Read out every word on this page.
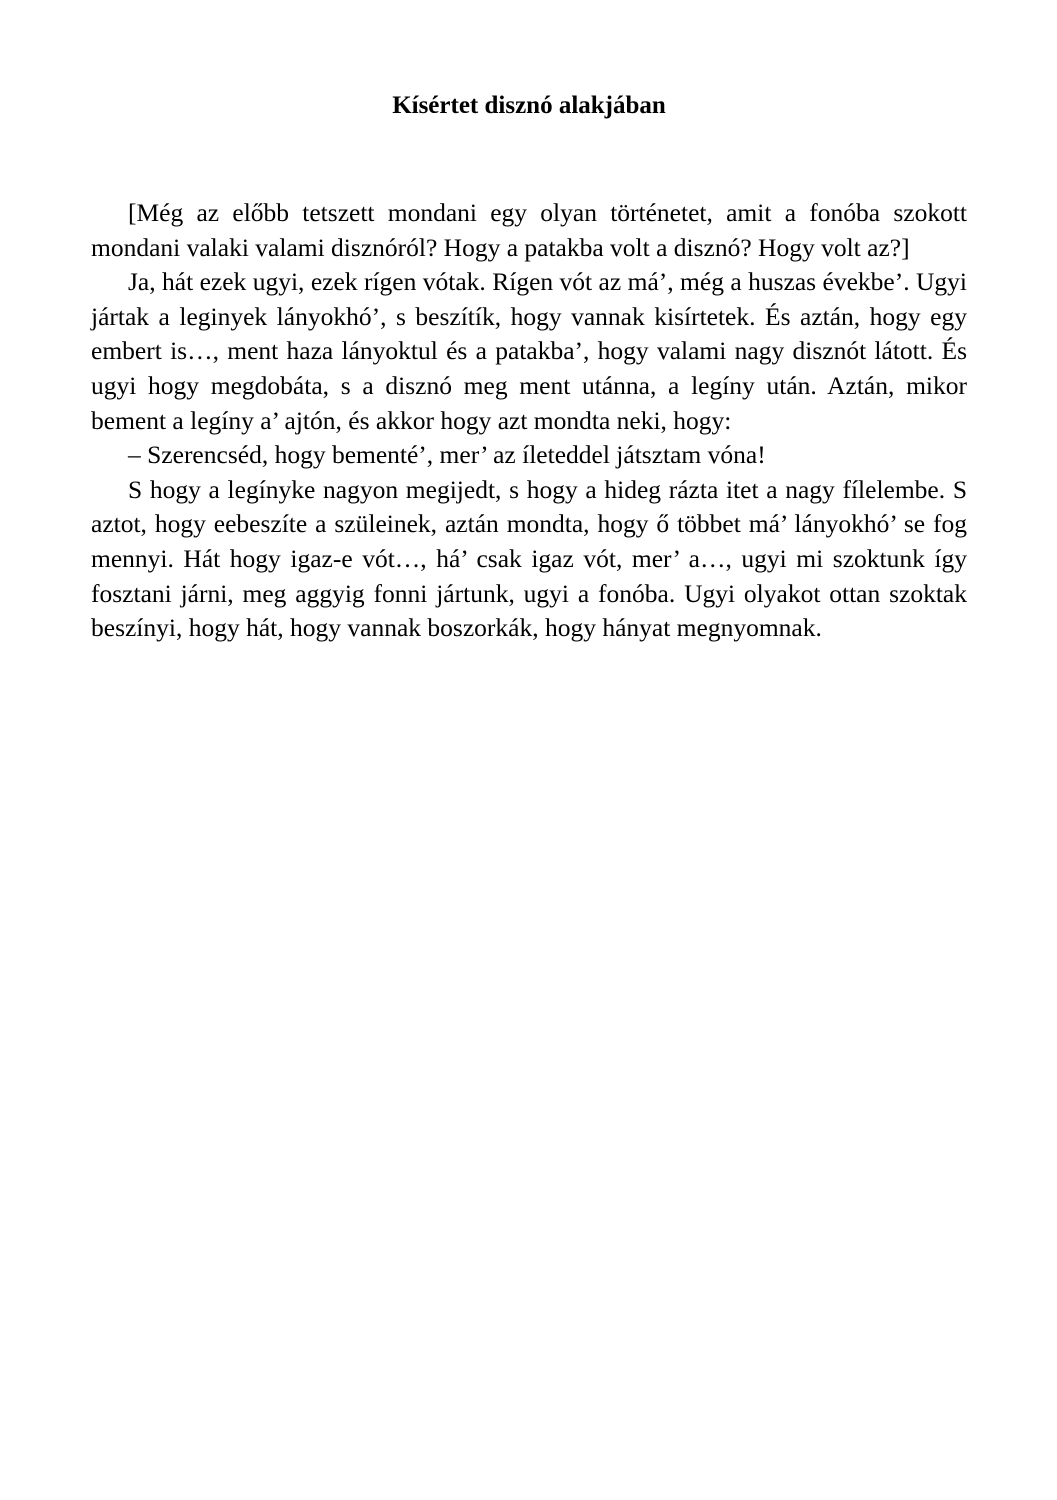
Kísértet disznó alakjában

[Még az előbb tetszett mondani egy olyan történetet, amit a fonóba szokott mondani valaki valami disznóról? Hogy a patakba volt a disznó? Hogy volt az?]

Ja, hát ezek ugyi, ezek rígen vótak. Rígen vót az má’, még a huszas évekbe’. Ugyi jártak a leginyek lányokhó’, s beszítík, hogy vannak kisírtetek. És aztán, hogy egy embert is…, ment haza lányoktul és a patakba’, hogy valami nagy disznót látott. És ugyi hogy megdobáta, s a disznó meg ment utánna, a legíny után. Aztán, mikor bement a legíny a’ ajtón, és akkor hogy azt mondta neki, hogy:

– Szerencséd, hogy bementé’, mer’ az íleteddel játsztam vóna!

S hogy a legínyke nagyon megijedt, s hogy a hideg rázta itet a nagy fílelembe. S aztot, hogy eebeszíte a szüleinek, aztán mondta, hogy ő többet má’ lányokhó’ se fog mennyi. Hát hogy igaz-e vót…, há’ csak igaz vót, mer’ a…, ugyi mi szoktunk így fosztani járni, meg aggyig fonni jártunk, ugyi a fonóba. Ugyi olyakot ottan szoktak beszínyi, hogy hát, hogy vannak boszorkák, hogy hányat megnyomnak.
